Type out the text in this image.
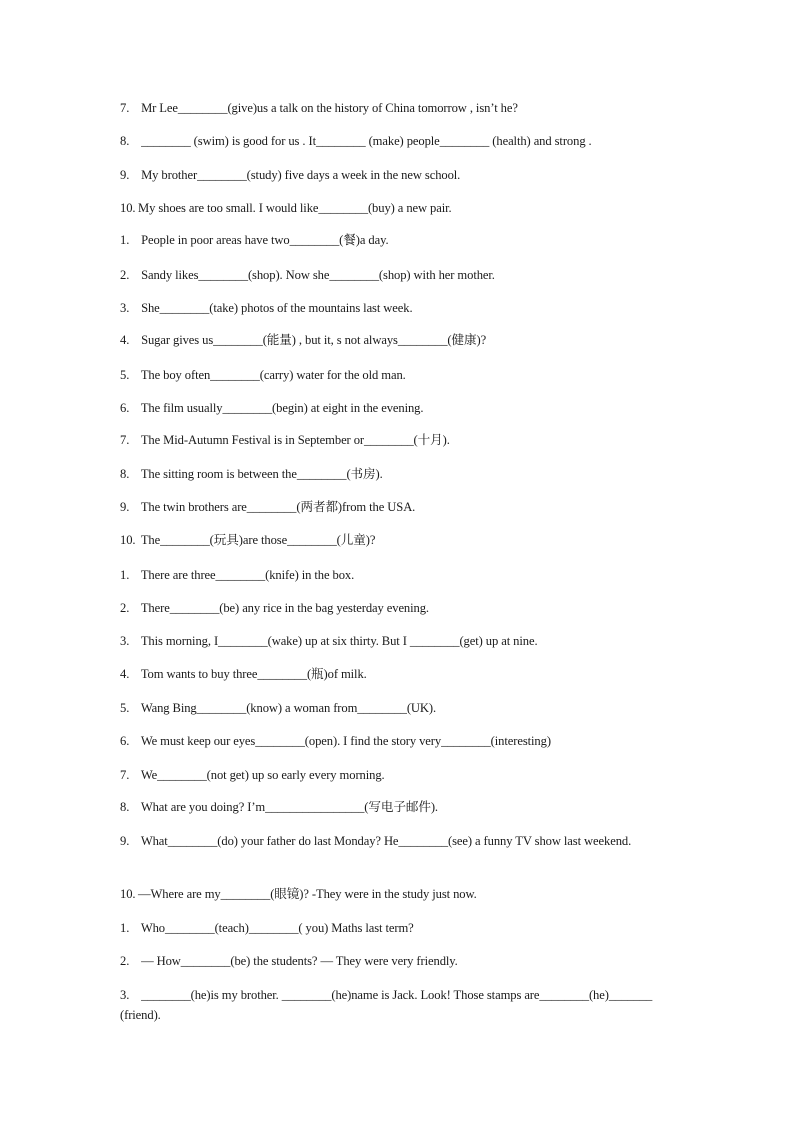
7. Mr Lee________(give)us a talk on the history of China tomorrow , isn’t he?
8. ________ (swim) is good for us . It________ (make) people________ (health) and strong .
9. My brother________(study) five days a week in the new school.
10. My shoes are too small. I would like________(buy) a new pair.
1. People in poor areas have two________(餐)a day.
2. Sandy likes________(shop). Now she________(shop) with her mother.
3. She________(take) photos of the mountains last week.
4. Sugar gives us________(能量) , but it, s not always________(健康)?
5. The boy often________(carry) water for the old man.
6. The film usually________(begin) at eight in the evening.
7. The Mid-Autumn Festival is in September or________(十月).
8. The sitting room is between the________(书房).
9. The twin brothers are________(两者都)from the USA.
10. The________(玩具)are those________(儿童)?
1. There are three________(knife) in the box.
2. There________(be) any rice in the bag yesterday evening.
3. This morning, I________(wake) up at six thirty. But I ________(get) up at nine.
4. Tom wants to buy three________(瓶)of milk.
5. Wang Bing________(know) a woman from________(UK).
6. We must keep our eyes________(open). I find the story very________(interesting)
7. We________(not get) up so early every morning.
8. What are you doing? I’m________________(写电子邮件).
9. What________(do) your father do last Monday? He________(see) a funny TV show last weekend.
10. —Where are my________(眼镜)? -They were in the study just now.
1. Who________(teach)________( you) Maths last term?
2. — How________(be) the students? — They were very friendly.
3. ________(he)is my brother. ________(he)name is Jack. Look! Those stamps are________(he)_______ (friend).
